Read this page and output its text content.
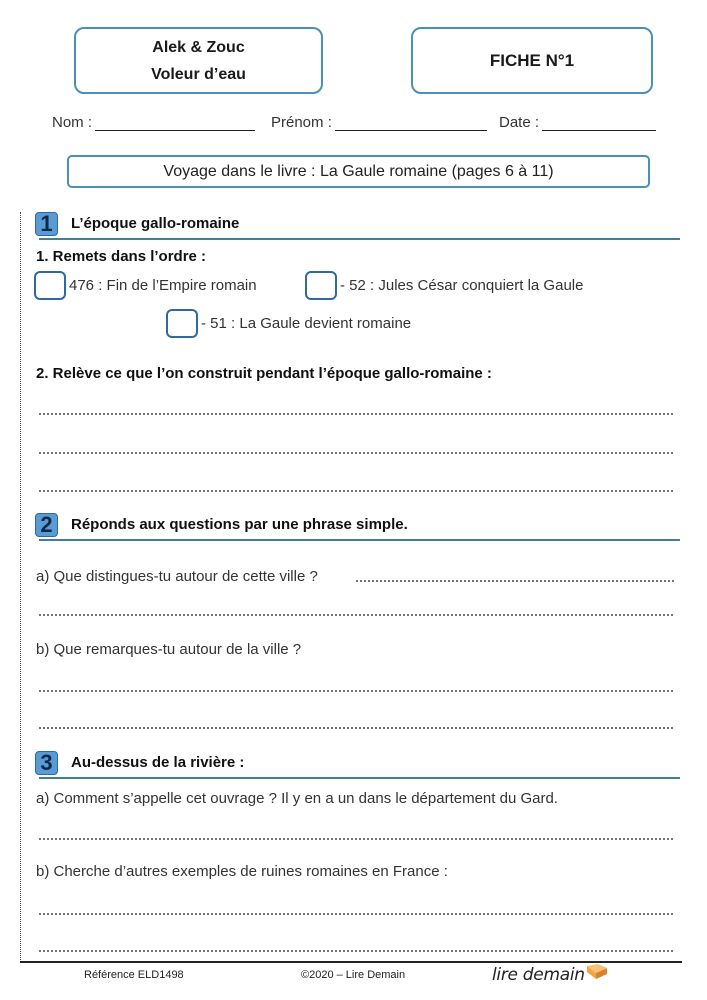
Alek & Zouc
Voleur d’eau
FICHE N°1
Nom :	Prénom :	Date :
Voyage dans le livre : La Gaule romaine (pages 6 à 11)
1	L’époque gallo-romaine
1. Remets dans l’ordre :
476 : Fin de l’Empire romain	- 52 : Jules César conquiert la Gaule
- 51 : La Gaule devient romaine
2. Relève ce que l’on construit pendant l’époque gallo-romaine :
2	Réponds aux questions par une phrase simple.
a) Que distingues-tu autour de cette ville ?
b) Que remarques-tu autour de la ville ?
3	Au-dessus de la rivière :
a) Comment s’appelle cet ouvrage ? Il y en a un dans le département du Gard.
b) Cherche d’autres exemples de ruines romaines en France :
Référence ELD1498	©2020 – Lire Demain	lire demain
